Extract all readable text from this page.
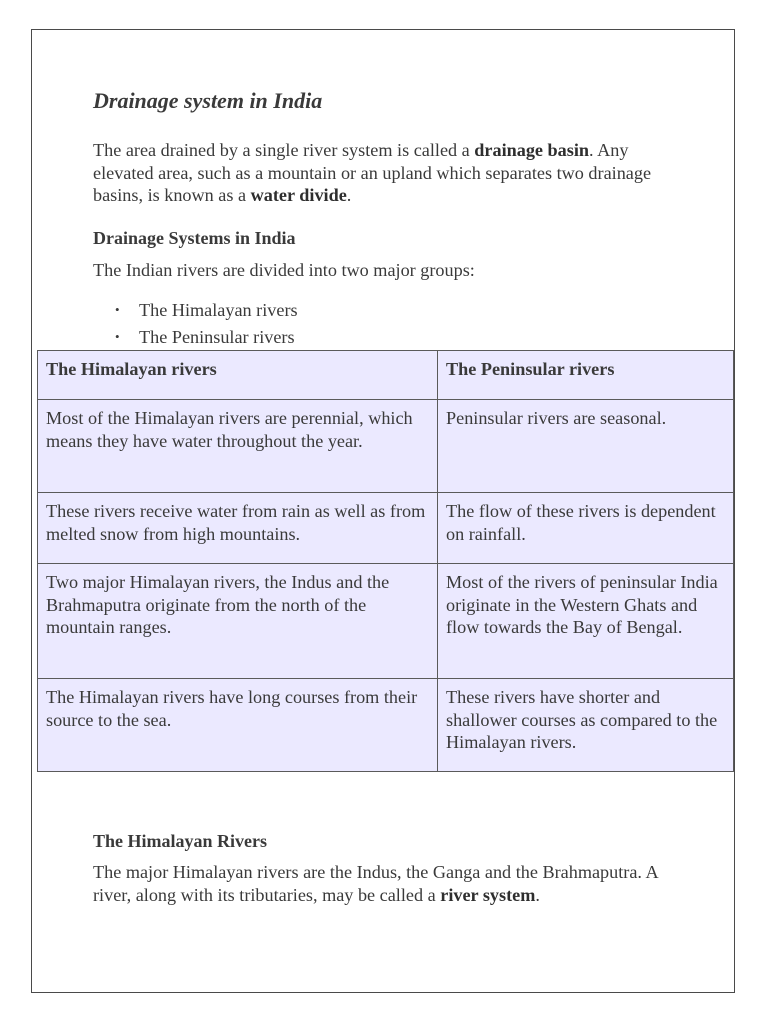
Drainage system in India

The area drained by a single river system is called a drainage basin. Any elevated area, such as a mountain or an upland which separates two drainage basins, is known as a water divide.

Drainage Systems in India

The Indian rivers are divided into two major groups:

• The Himalayan rivers
• The Peninsular rivers
The Himalayan rivers	The Peninsular rivers
Most of the Himalayan rivers are perennial, which means they have water throughout the year.	Peninsular rivers are seasonal.
These rivers receive water from rain as well as from melted snow from high mountains.	The flow of these rivers is dependent on rainfall.
Two major Himalayan rivers, the Indus and the Brahmaputra originate from the north of the mountain ranges.	Most of the rivers of peninsular India originate in the Western Ghats and flow towards the Bay of Bengal.
The Himalayan rivers have long courses from their source to the sea.	These rivers have shorter and shallower courses as compared to the Himalayan rivers.
The Himalayan Rivers

The major Himalayan rivers are the Indus, the Ganga and the Brahmaputra. A river, along with its tributaries, may be called a river system.
